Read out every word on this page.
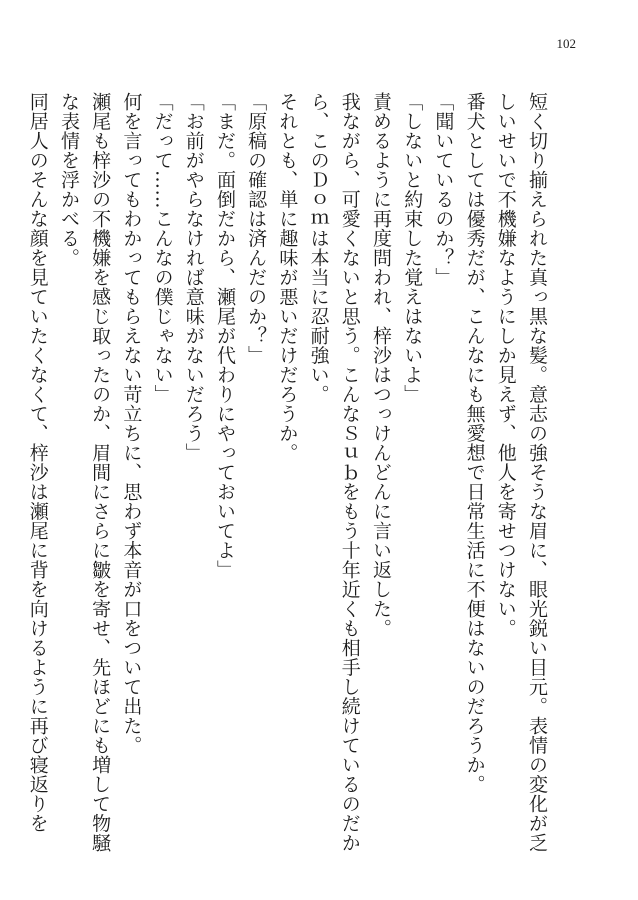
102
短く切り揃えられた真っ黒な髪。意志の強そうな眉に、眼光鋭い目元。表情の変化が乏
しいせいで不機嫌なようにしか見えず、他人を寄せつけない。
番犬としては優秀だが、こんなにも無愛想で日常生活に不便はないのだろうか。
「聞いているのか？」
「しないと約束した覚えはないよ」
責めるように再度問われ、梓沙はつっけんどんに言い返した。
我ながら、可愛くないと思う。こんなＳｕｂをもう十年近くも相手し続けているのだか
ら、このＤｏｍは本当に忍耐強い。
それとも、単に趣味が悪いだけだろうか。
「原稿の確認は済んだのか？」
「まだ。面倒だから、瀬尾が代わりにやっておいてよ」
「お前がやらなければ意味がないだろう」
「だって……こんなの僕じゃない」
何を言ってもわかってもらえない苛立ちに、思わず本音が口をついて出た。
瀬尾も梓沙の不機嫌を感じ取ったのか、眉間にさらに皺を寄せ、先ほどにも増して物騒
な表情を浮かべる。
同居人のそんな顔を見ていたくなくて、梓沙は瀬尾に背を向けるように再び寝返りを
